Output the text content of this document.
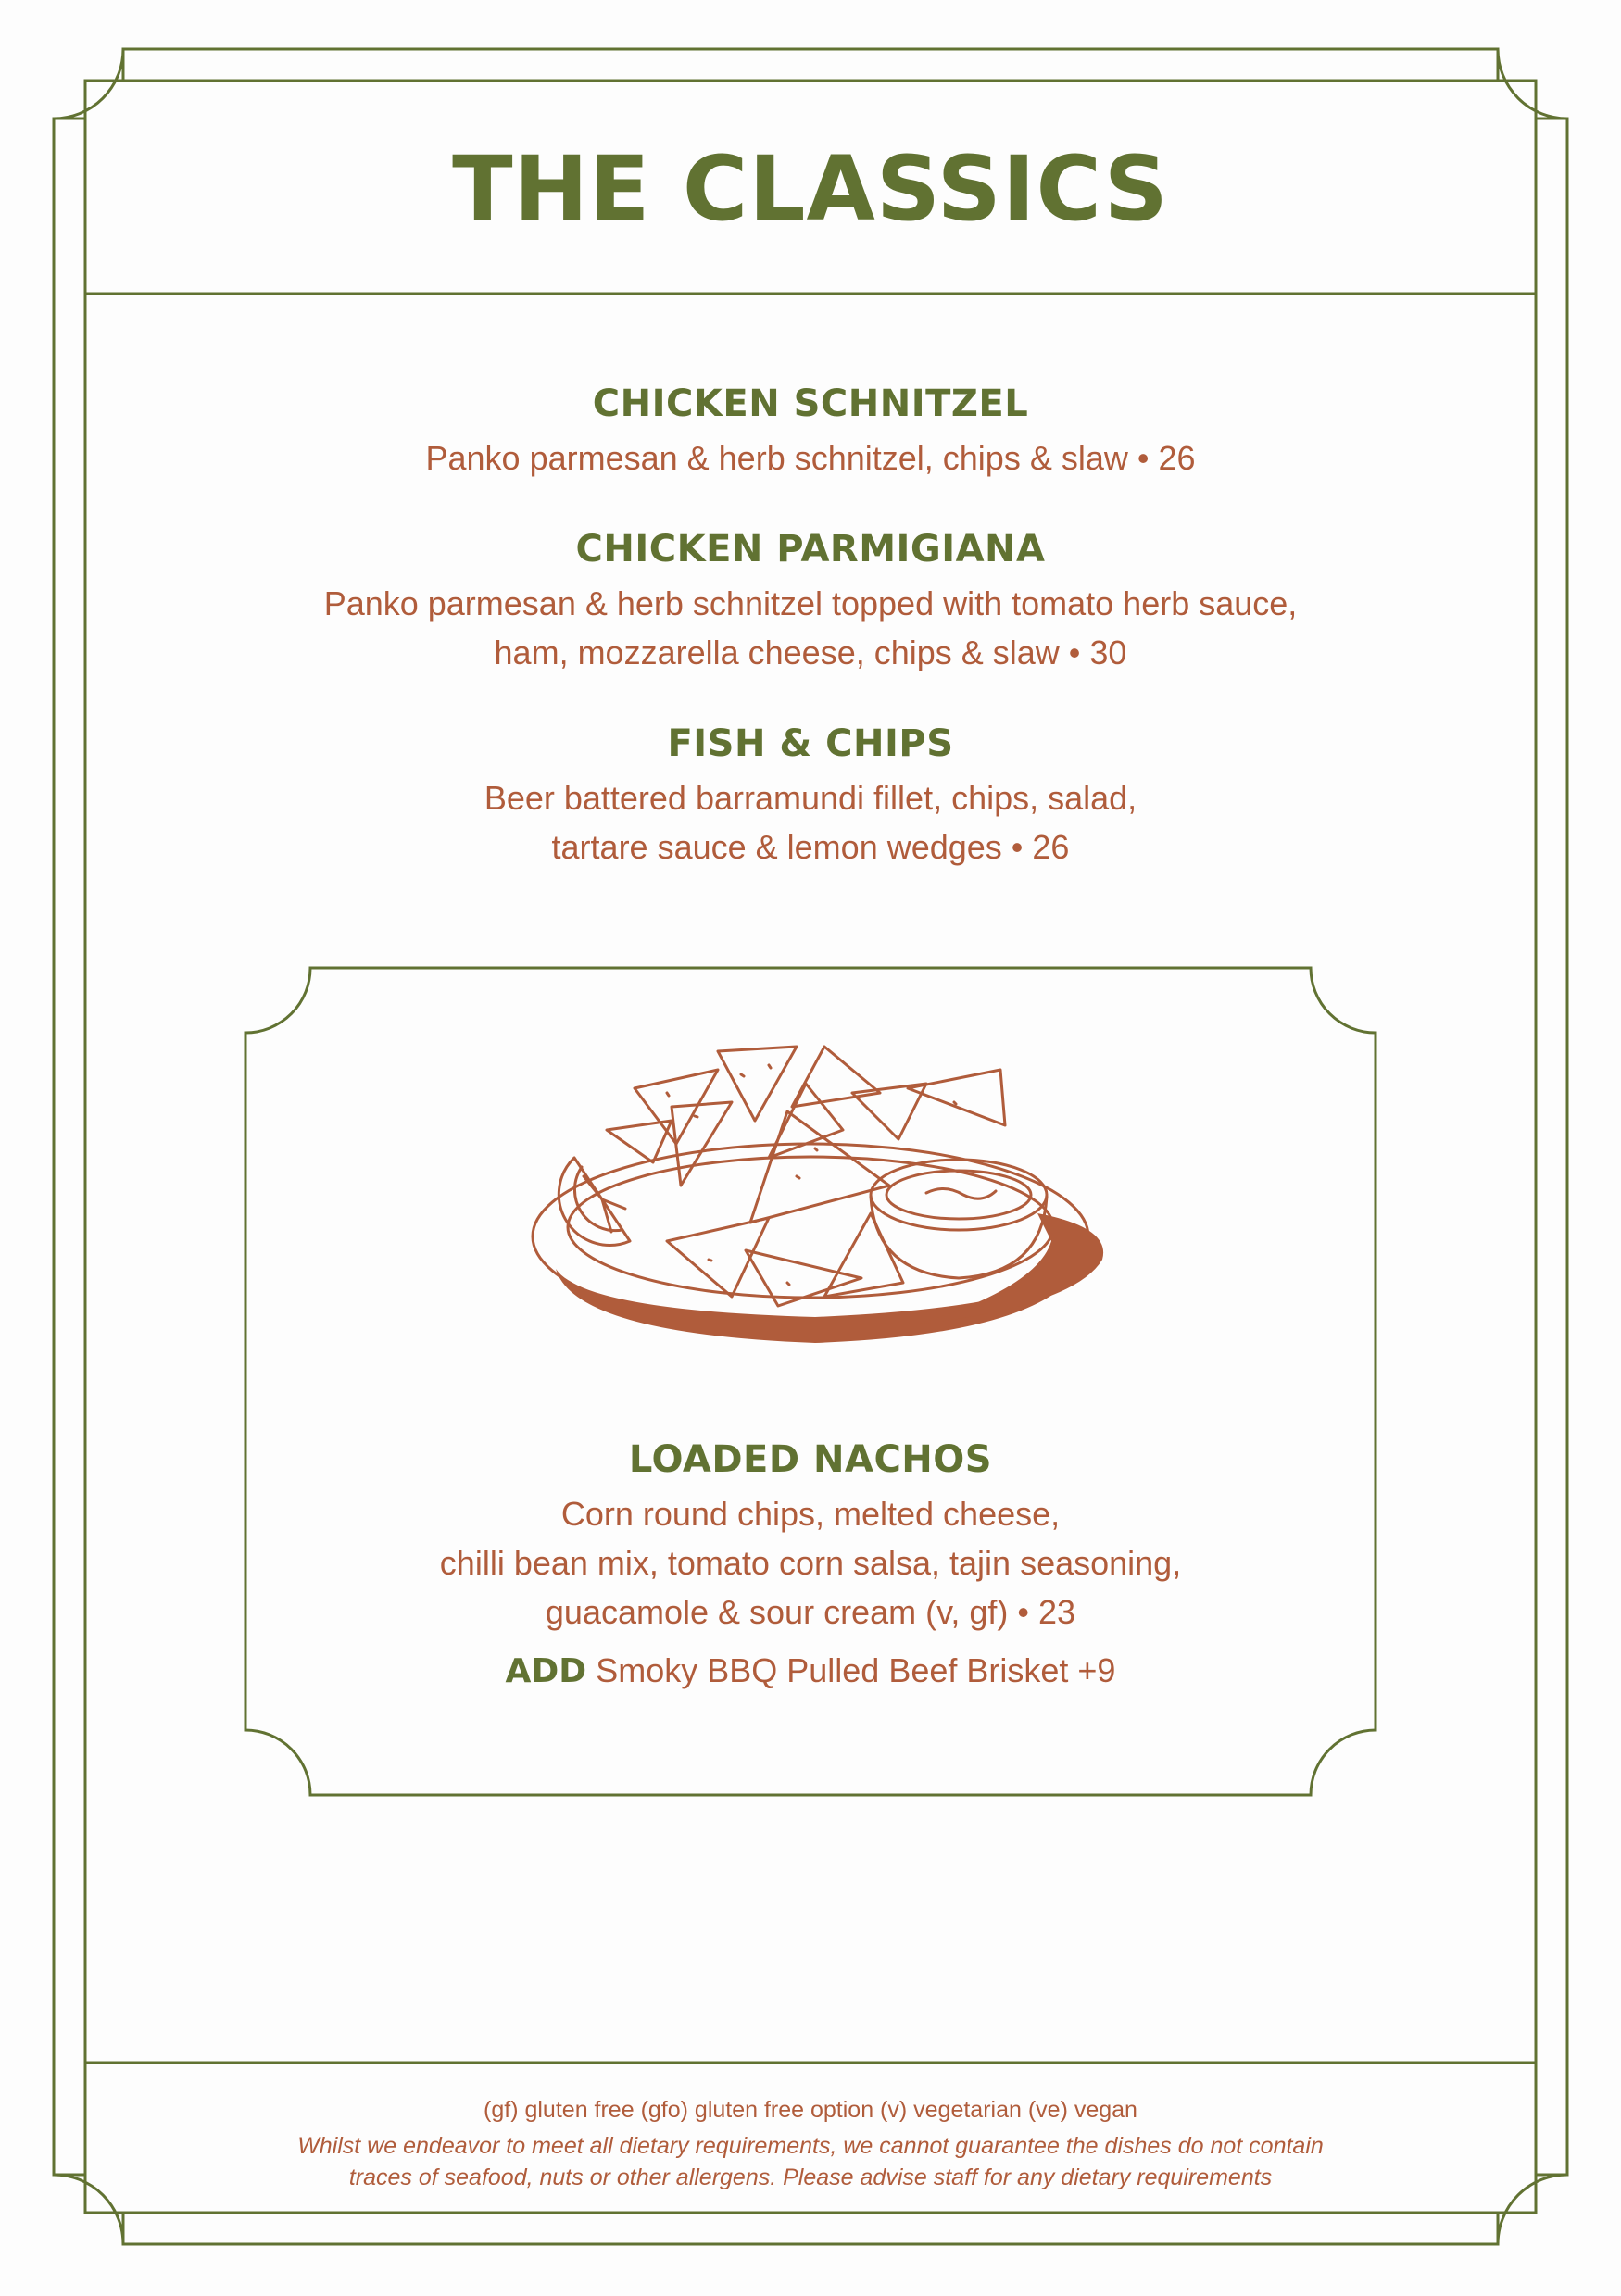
THE CLASSICS
CHICKEN SCHNITZEL
Panko parmesan & herb schnitzel, chips & slaw • 26
CHICKEN PARMIGIANA
Panko parmesan & herb schnitzel topped with tomato herb sauce,
ham, mozzarella cheese, chips & slaw • 30
FISH & CHIPS
Beer battered barramundi fillet, chips, salad,
tartare sauce & lemon wedges • 26
LOADED NACHOS
Corn round chips, melted cheese,
chilli bean mix, tomato corn salsa, tajin seasoning,
guacamole & sour cream (v, gf) • 23
ADD Smoky BBQ Pulled Beef Brisket +9
(gf) gluten free (gfo) gluten free option (v) vegetarian (ve) vegan
Whilst we endeavor to meet all dietary requirements, we cannot guarantee the dishes do not contain
traces of seafood, nuts or other allergens. Please advise staff for any dietary requirements
